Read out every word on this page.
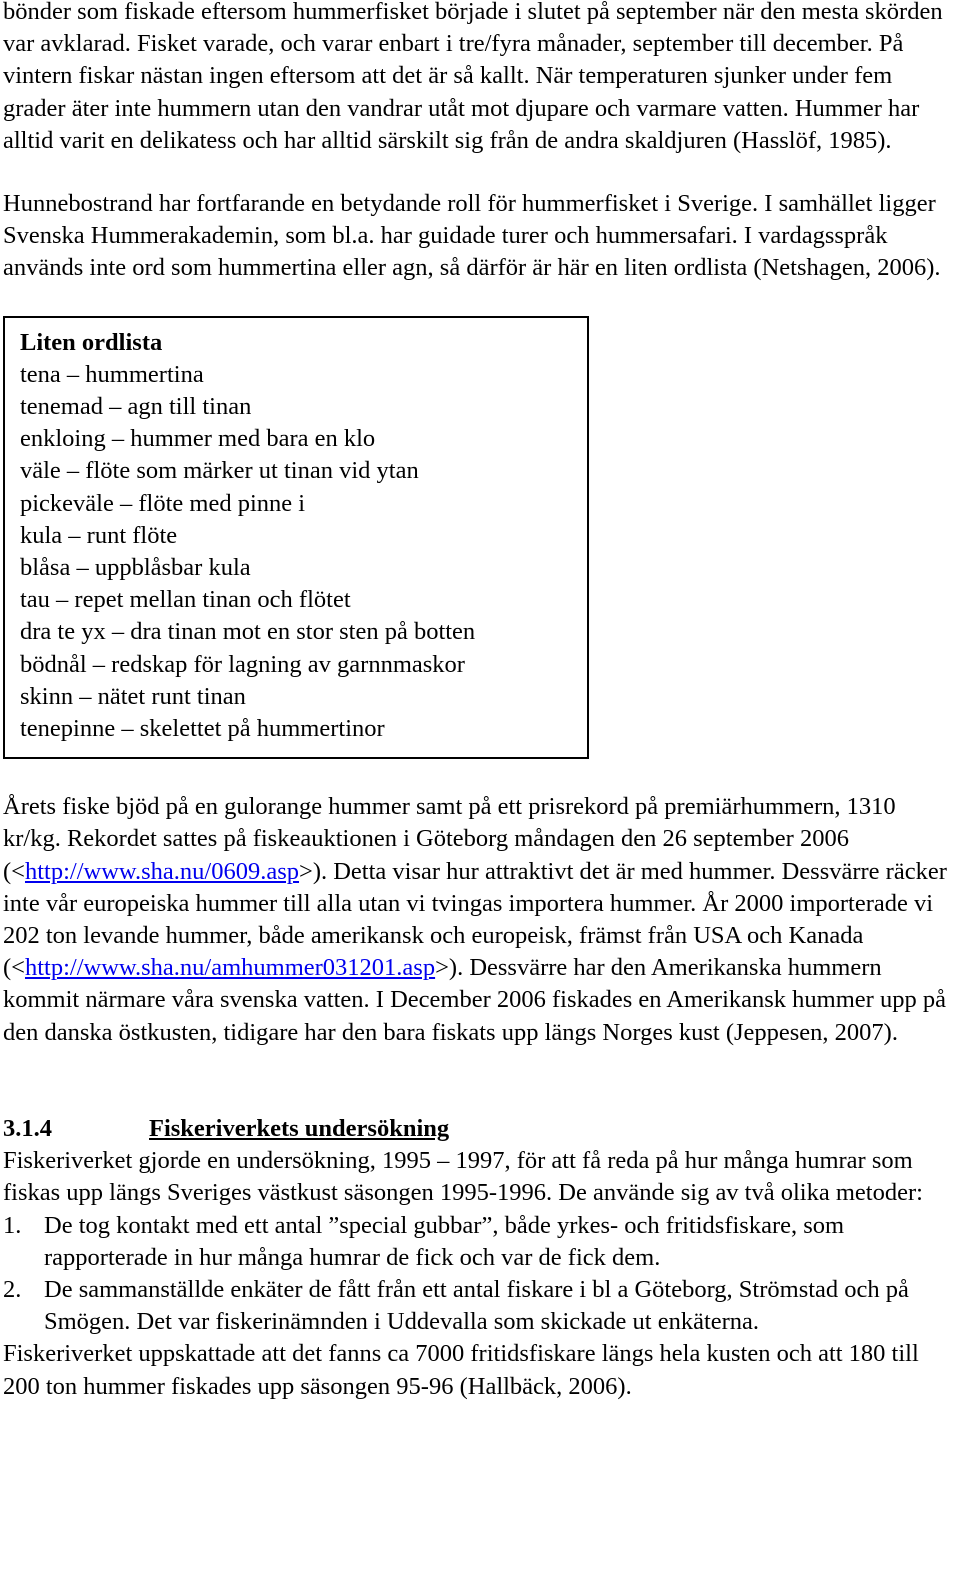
bönder som fiskade eftersom hummerfisket började i slutet på september när den mesta skörden var avklarad. Fisket varade, och varar enbart i tre/fyra månader, september till december. På vintern fiskar nästan ingen eftersom att det är så kallt. När temperaturen sjunker under fem grader äter inte hummern utan den vandrar utåt mot djupare och varmare vatten. Hummer har alltid varit en delikatess och har alltid särskilt sig från de andra skaldjuren (Hasslöf, 1985).

Hunnebostrand har fortfarande en betydande roll för hummerfisket i Sverige. I samhället ligger Svenska Hummerakademin, som bl.a. har guidade turer och hummersafari. I vardagsspråk används inte ord som hummertina eller agn, så därför är här en liten ordlista (Netshagen, 2006).

Liten ordlista
tena – hummertina
tenemad – agn till tinan
enkloing – hummer med bara en klo
väle – flöte som märker ut tinan vid ytan
pickeväle – flöte med pinne i
kula – runt flöte
blåsa – uppblåsbar kula
tau – repet mellan tinan och flötet
dra te yx – dra tinan mot en stor sten på botten
bödnål – redskap för lagning av garnnmaskor
skinn – nätet runt tinan
tenepinne – skelettet på hummertinor

Årets fiske bjöd på en gulorange hummer samt på ett prisrekord på premiärhummern, 1310 kr/kg. Rekordet sattes på fiskeauktionen i Göteborg måndagen den 26 september 2006 (<http://www.sha.nu/0609.asp>). Detta visar hur attraktivt det är med hummer. Dessvärre räcker inte vår europeiska hummer till alla utan vi tvingas importera hummer. År 2000 importerade vi 202 ton levande hummer, både amerikansk och europeisk, främst från USA och Kanada (<http://www.sha.nu/amhummer031201.asp>). Dessvärre har den Amerikanska hummern kommit närmare våra svenska vatten. I December 2006 fiskades en Amerikansk hummer upp på den danska östkusten, tidigare har den bara fiskats upp längs Norges kust (Jeppesen, 2007).

3.1.4	Fiskeriverkets undersökning

Fiskeriverket gjorde en undersökning, 1995 – 1997, för att få reda på hur många humrar som fiskas upp längs Sveriges västkust säsongen 1995-1996. De använde sig av två olika metoder:

1. De tog kontakt med ett antal ”special gubbar”, både yrkes- och fritidsfiskare, som rapporterade in hur många humrar de fick och var de fick dem.
2. De sammanställde enkäter de fått från ett antal fiskare i bl a Göteborg, Strömstad och på Smögen. Det var fiskerinämnden i Uddevalla som skickade ut enkäterna.

Fiskeriverket uppskattade att det fanns ca 7000 fritidsfiskare längs hela kusten och att 180 till 200 ton hummer fiskades upp säsongen 95-96 (Hallbäck, 2006).
